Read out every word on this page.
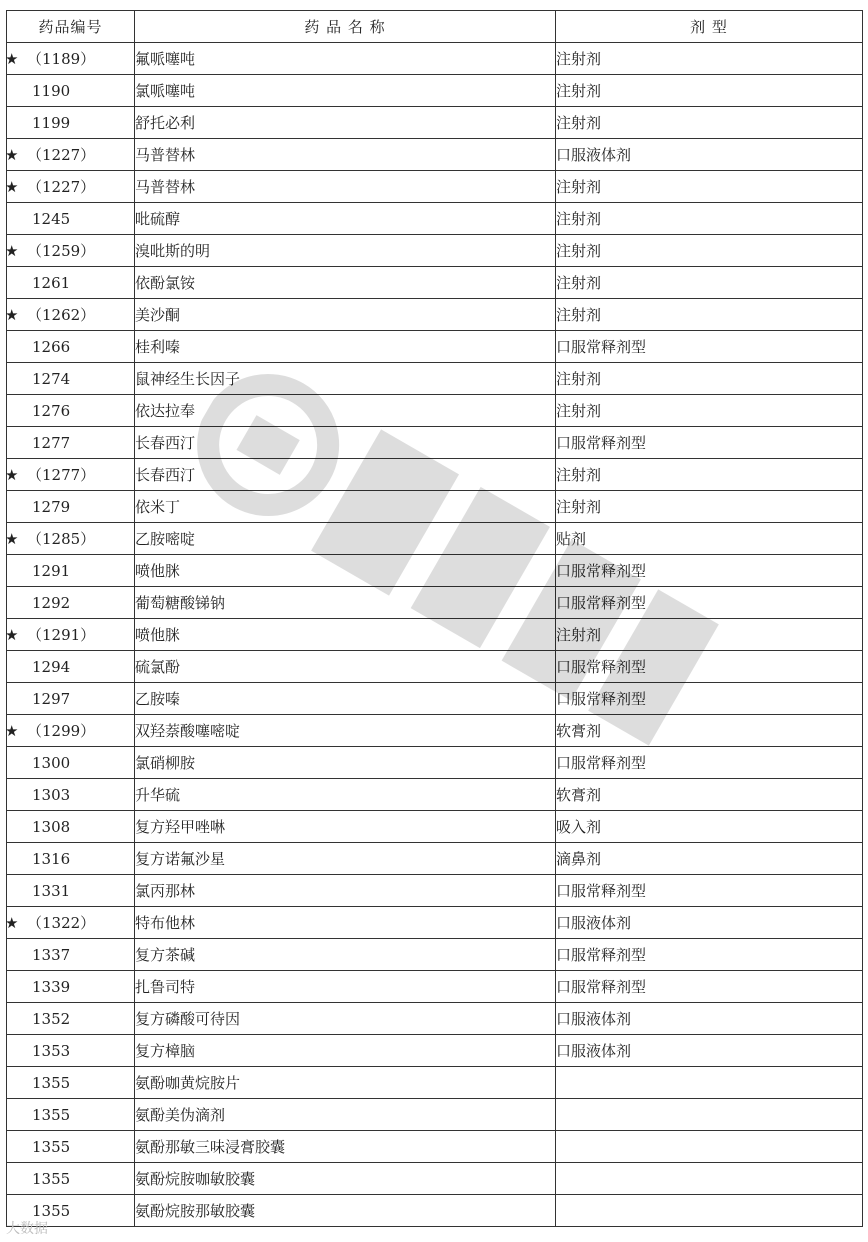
药品编号	药 品 名 称	剂 型
★ （1189）	氟哌噻吨	注射剂
1190	氯哌噻吨	注射剂
1199	舒托必利	注射剂
★ （1227）	马普替林	口服液体剂
★ （1227）	马普替林	注射剂
1245	吡硫醇	注射剂
★ （1259）	溴吡斯的明	注射剂
1261	依酚氯铵	注射剂
★ （1262）	美沙酮	注射剂
1266	桂利嗪	口服常释剂型
1274	鼠神经生长因子	注射剂
1276	依达拉奉	注射剂
1277	长春西汀	口服常释剂型
★ （1277）	长春西汀	注射剂
1279	依米丁	注射剂
★ （1285）	乙胺嘧啶	贴剂
1291	喷他脒	口服常释剂型
1292	葡萄糖酸锑钠	口服常释剂型
★ （1291）	喷他脒	注射剂
1294	硫氯酚	口服常释剂型
1297	乙胺嗪	口服常释剂型
★ （1299）	双羟萘酸噻嘧啶	软膏剂
1300	氯硝柳胺	口服常释剂型
1303	升华硫	软膏剂
1308	复方羟甲唑啉	吸入剂
1316	复方诺氟沙星	滴鼻剂
1331	氯丙那林	口服常释剂型
★ （1322）	特布他林	口服液体剂
1337	复方茶碱	口服常释剂型
1339	扎鲁司特	口服常释剂型
1352	复方磷酸可待因	口服液体剂
1353	复方樟脑	口服液体剂
1355	氨酚咖黄烷胺片	
1355	氨酚美伪滴剂	
1355	氨酚那敏三味浸膏胶囊	
1355	氨酚烷胺咖敏胶囊	
1355	氨酚烷胺那敏胶囊	
大数据
